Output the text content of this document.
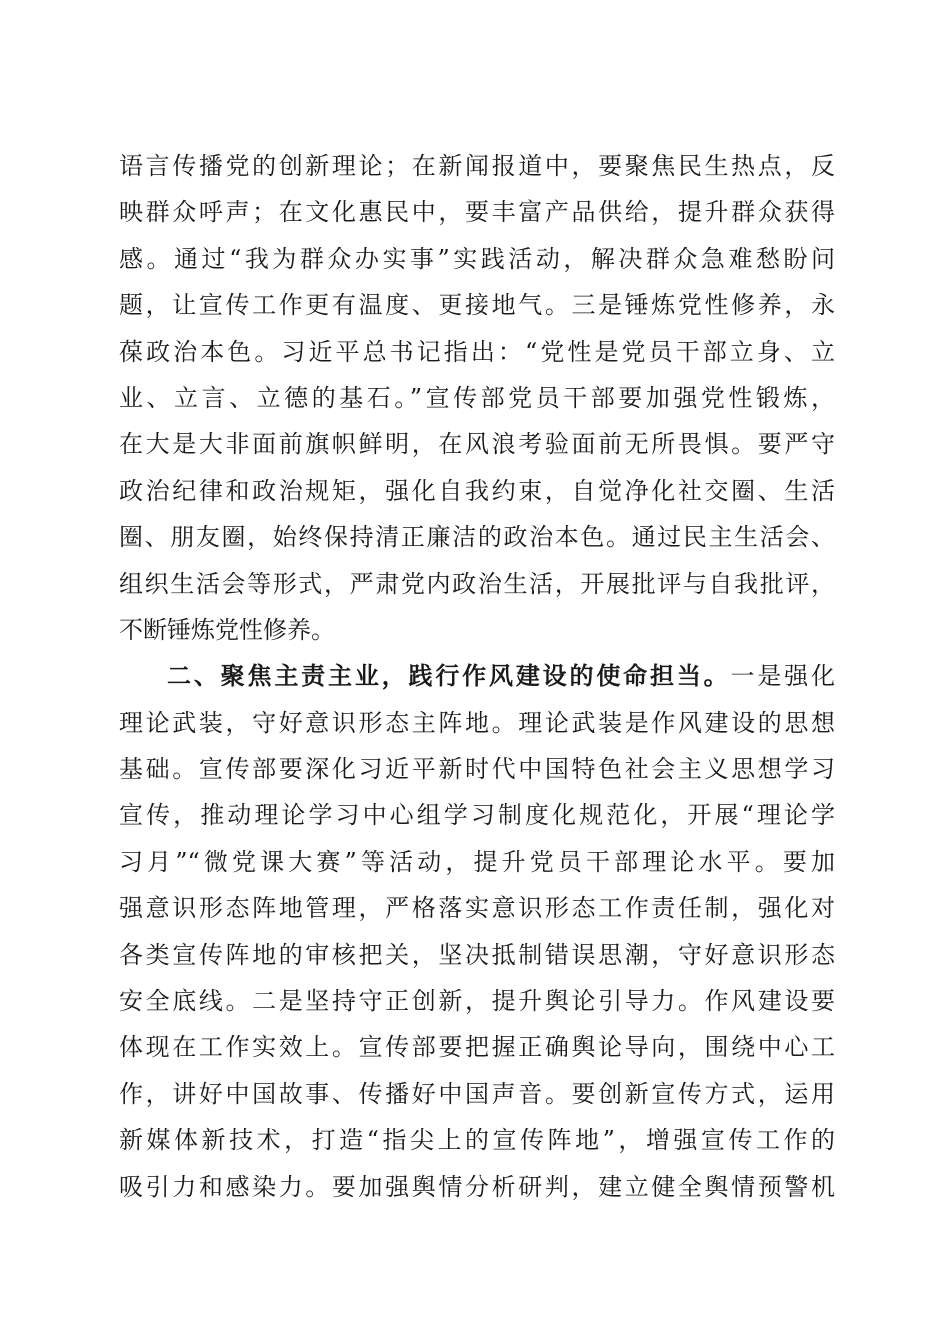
语言传播党的创新理论；在新闻报道中，要聚焦民生热点，反
映群众呼声；在文化惠民中，要丰富产品供给，提升群众获得
感。通过“我为群众办实事”实践活动，解决群众急难愁盼问
题，让宣传工作更有温度、更接地气。三是锤炼党性修养，永
葆政治本色。习近平总书记指出：“党性是党员干部立身、立
业、立言、立德的基石。”宣传部党员干部要加强党性锻炼，
在大是大非面前旗帜鲜明，在风浪考验面前无所畏惧。要严守
政治纪律和政治规矩，强化自我约束，自觉净化社交圈、生活
圈、朋友圈，始终保持清正廉洁的政治本色。通过民主生活会、
组织生活会等形式，严肃党内政治生活，开展批评与自我批评，
不断锤炼党性修养。
二、聚焦主责主业，践行作风建设的使命担当。一是强化
理论武装，守好意识形态主阵地。理论武装是作风建设的思想
基础。宣传部要深化习近平新时代中国特色社会主义思想学习
宣传，推动理论学习中心组学习制度化规范化，开展“理论学
习月”“微党课大赛”等活动，提升党员干部理论水平。要加
强意识形态阵地管理，严格落实意识形态工作责任制，强化对
各类宣传阵地的审核把关，坚决抵制错误思潮，守好意识形态
安全底线。二是坚持守正创新，提升舆论引导力。作风建设要
体现在工作实效上。宣传部要把握正确舆论导向，围绕中心工
作，讲好中国故事、传播好中国声音。要创新宣传方式，运用
新媒体新技术，打造“指尖上的宣传阵地”，增强宣传工作的
吸引力和感染力。要加强舆情分析研判，建立健全舆情预警机
